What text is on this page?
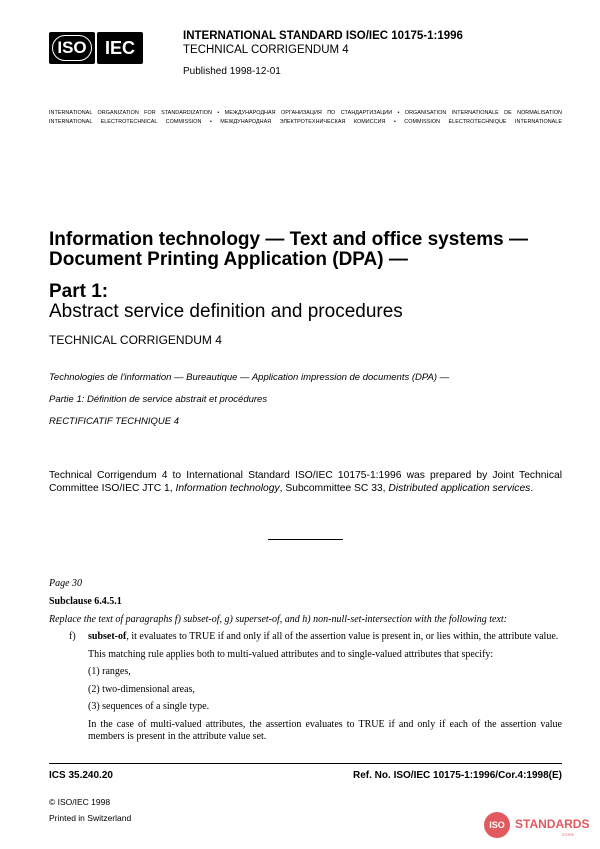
ISO IEC
INTERNATIONAL STANDARD ISO/IEC 10175-1:1996
TECHNICAL CORRIGENDUM 4
Published 1998-12-01
INTERNATIONAL ORGANIZATION FOR STANDARDIZATION • МЕЖДУНАРОДНАЯ ОРГАНИЗАЦИЯ ПО СТАНДАРТИЗАЦИИ • ORGANISATION INTERNATIONALE DE NORMALISATION
INTERNATIONAL ELECTROTECHNICAL COMMISSION • МЕЖДУНАРОДНАЯ ЭЛЕКТРОТЕХНИЧЕСКАЯ КОМИССИЯ • COMMISSION ÉLECTROTECHNIQUE INTERNATIONALE
Information technology — Text and office systems — Document Printing Application (DPA) —
Part 1:
Abstract service definition and procedures
TECHNICAL CORRIGENDUM 4
Technologies de l'information — Bureautique — Application impression de documents (DPA) —
Partie 1: Définition de service abstrait et procédures
RECTIFICATIF TECHNIQUE 4
Technical Corrigendum 4 to International Standard ISO/IEC 10175-1:1996 was prepared by Joint Technical Committee ISO/IEC JTC 1, Information technology, Subcommittee SC 33, Distributed application services.
Page 30
Subclause 6.4.5.1
Replace the text of paragraphs f) subset-of, g) superset-of, and h) non-null-set-intersection with the following text:
f) subset-of, it evaluates to TRUE if and only if all of the assertion value is present in, or lies within, the attribute value.

This matching rule applies both to multi-valued attributes and to single-valued attributes that specify:

(1) ranges,

(2) two-dimensional areas,

(3) sequences of a single type.

In the case of multi-valued attributes, the assertion evaluates to TRUE if and only if each of the assertion value members is present in the attribute value set.

ICS 35.240.20	Ref. No. ISO/IEC 10175-1:1996/Cor.4:1998(E)
© ISO/IEC 1998
Printed in Switzerland
ISO STANDARDS
STORE
